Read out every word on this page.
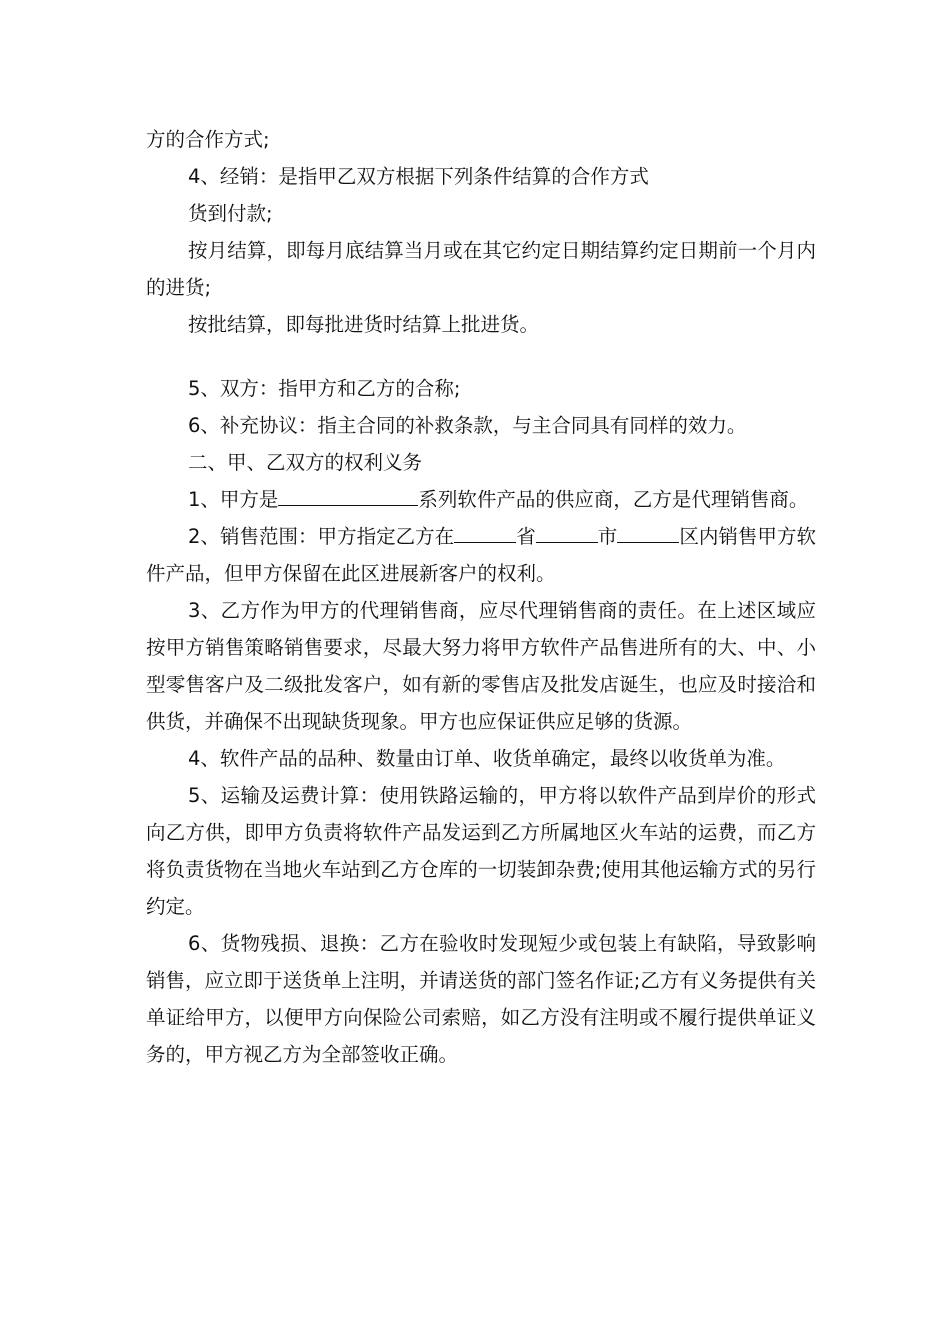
方的合作方式;

4、经销：是指甲乙双方根据下列条件结算的合作方式

货到付款;

按月结算，即每月底结算当月或在其它约定日期结算约定日期前一个月内的进货;

按批结算，即每批进货时结算上批进货。

5、双方：指甲方和乙方的合称;

6、补充协议：指主合同的补救条款，与主合同具有同样的效力。

二、甲、乙双方的权利义务

1、甲方是	系列软件产品的供应商，乙方是代理销售商。

2、销售范围：甲方指定乙方在	省	市	区内销售甲方软件产品，但甲方保留在此区进展新客户的权利。

3、乙方作为甲方的代理销售商，应尽代理销售商的责任。在上述区域应按甲方销售策略销售要求，尽最大努力将甲方软件产品售进所有的大、中、小型零售客户及二级批发客户，如有新的零售店及批发店诞生，也应及时接洽和供货，并确保不出现缺货现象。甲方也应保证供应足够的货源。

4、软件产品的品种、数量由订单、收货单确定，最终以收货单为准。

5、运输及运费计算：使用铁路运输的，甲方将以软件产品到岸价的形式向乙方供，即甲方负责将软件产品发运到乙方所属地区火车站的运费，而乙方将负责货物在当地火车站到乙方仓库的一切装卸杂费;使用其他运输方式的另行约定。

6、货物残损、退换：乙方在验收时发现短少或包装上有缺陷，导致影响销售，应立即于送货单上注明，并请送货的部门签名作证;乙方有义务提供有关单证给甲方，以便甲方向保险公司索赔，如乙方没有注明或不履行提供单证义务的，甲方视乙方为全部签收正确。
